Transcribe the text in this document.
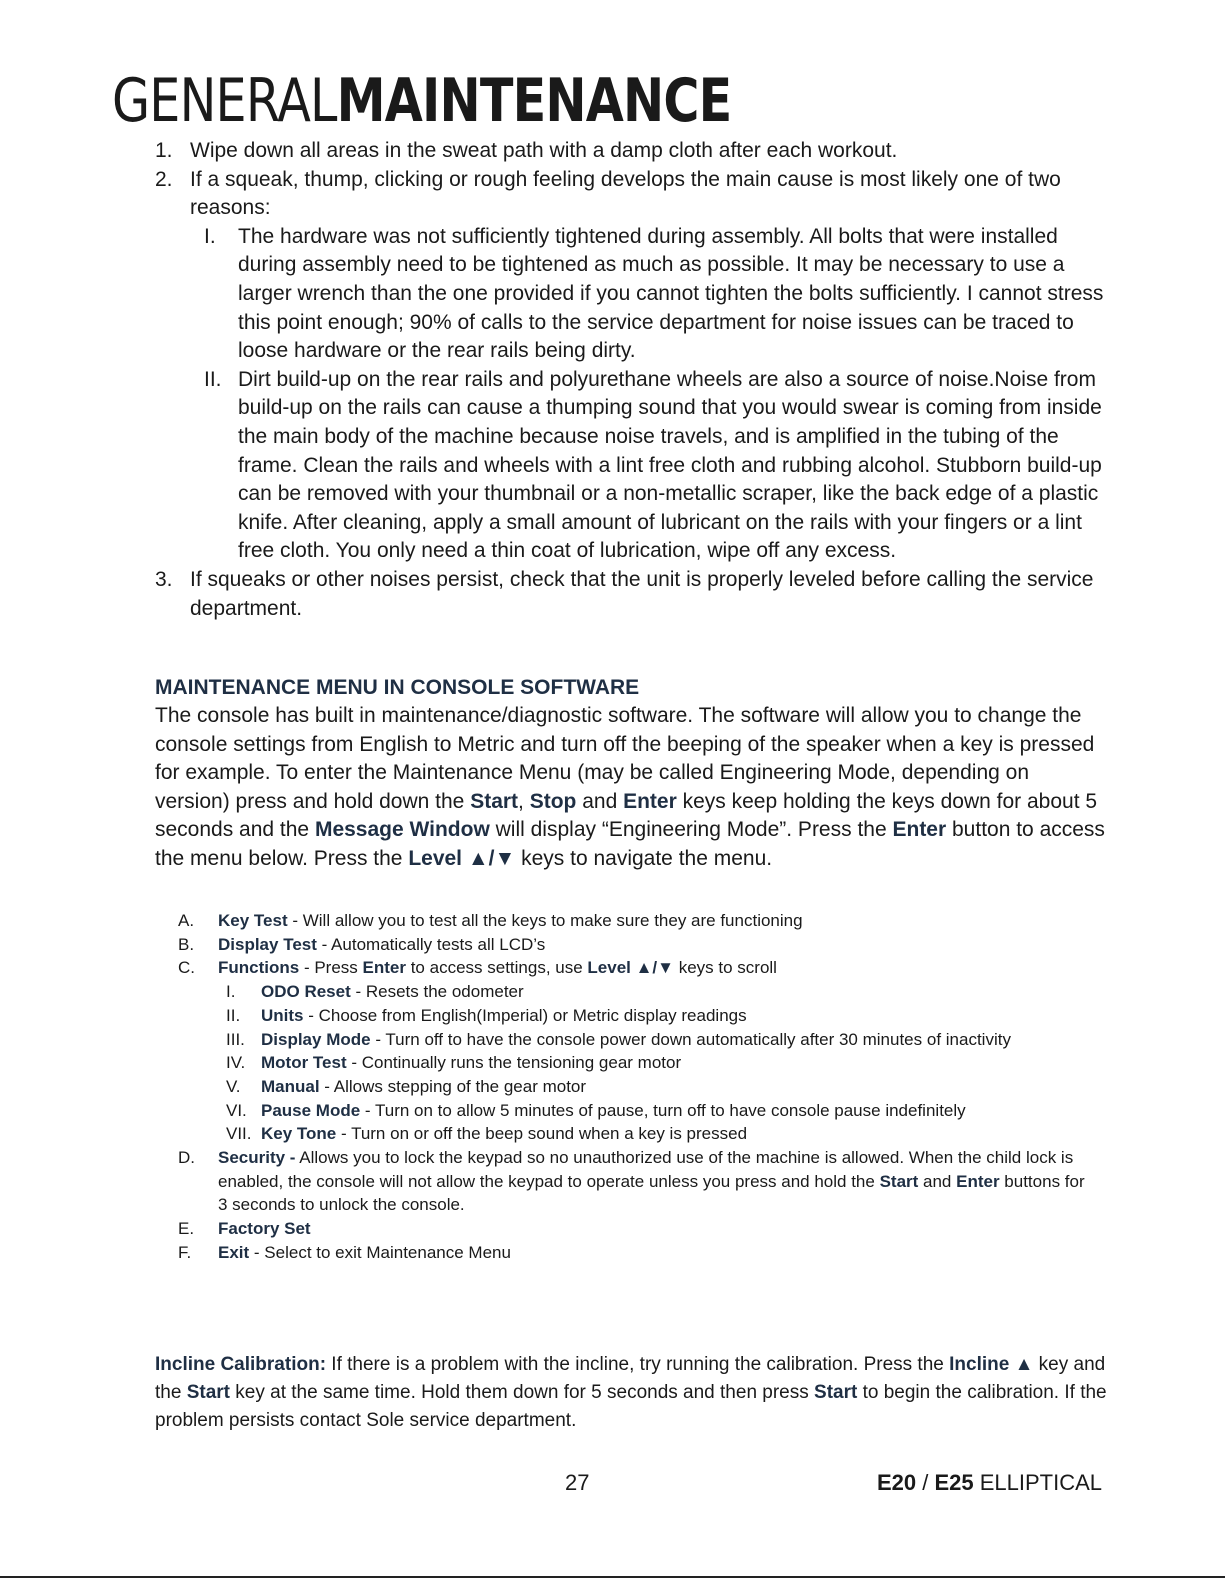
GENERALMAINTENANCE
1. Wipe down all areas in the sweat path with a damp cloth after each workout.
2. If a squeak, thump, clicking or rough feeling develops the main cause is most likely one of two reasons:
I. The hardware was not sufficiently tightened during assembly. All bolts that were installed during assembly need to be tightened as much as possible. It may be necessary to use a larger wrench than the one provided if you cannot tighten the bolts sufficiently. I cannot stress this point enough; 90% of calls to the service department for noise issues can be traced to loose hardware or the rear rails being dirty.
II. Dirt build-up on the rear rails and polyurethane wheels are also a source of noise.Noise from build-up on the rails can cause a thumping sound that you would swear is coming from inside the main body of the machine because noise travels, and is amplified in the tubing of the frame. Clean the rails and wheels with a lint free cloth and rubbing alcohol. Stubborn build-up can be removed with your thumbnail or a non-metallic scraper, like the back edge of a plastic knife. After cleaning, apply a small amount of lubricant on the rails with your fingers or a lint free cloth. You only need a thin coat of lubrication, wipe off any excess.
3. If squeaks or other noises persist, check that the unit is properly leveled before calling the service department.
MAINTENANCE MENU IN CONSOLE SOFTWARE

The console has built in maintenance/diagnostic software. The software will allow you to change the console settings from English to Metric and turn off the beeping of the speaker when a key is pressed for example. To enter the Maintenance Menu (may be called Engineering Mode, depending on version) press and hold down the Start, Stop and Enter keys keep holding the keys down for about 5 seconds and the Message Window will display “Engineering Mode”. Press the Enter button to access the menu below. Press the Level ▲/▼ keys to navigate the menu.

A. Key Test - Will allow you to test all the keys to make sure they are functioning
B. Display Test - Automatically tests all LCD’s
C. Functions - Press Enter to access settings, use Level ▲/▼ keys to scroll
I. ODO Reset - Resets the odometer
II. Units - Choose from English(Imperial) or Metric display readings
III. Display Mode - Turn off to have the console power down automatically after 30 minutes of inactivity
IV. Motor Test - Continually runs the tensioning gear motor
V. Manual - Allows stepping of the gear motor
VI. Pause Mode - Turn on to allow 5 minutes of pause, turn off to have console pause indefinitely
VII. Key Tone - Turn on or off the beep sound when a key is pressed
D. Security - Allows you to lock the keypad so no unauthorized use of the machine is allowed. When the child lock is enabled, the console will not allow the keypad to operate unless you press and hold the Start and Enter buttons for 3 seconds to unlock the console.
E. Factory Set
F. Exit - Select to exit Maintenance Menu

Incline Calibration: If there is a problem with the incline, try running the calibration. Press the Incline ▲ key and the Start key at the same time. Hold them down for 5 seconds and then press Start to begin the calibration. If the problem persists contact Sole service department.

27	E20 / E25 ELLIPTICAL
